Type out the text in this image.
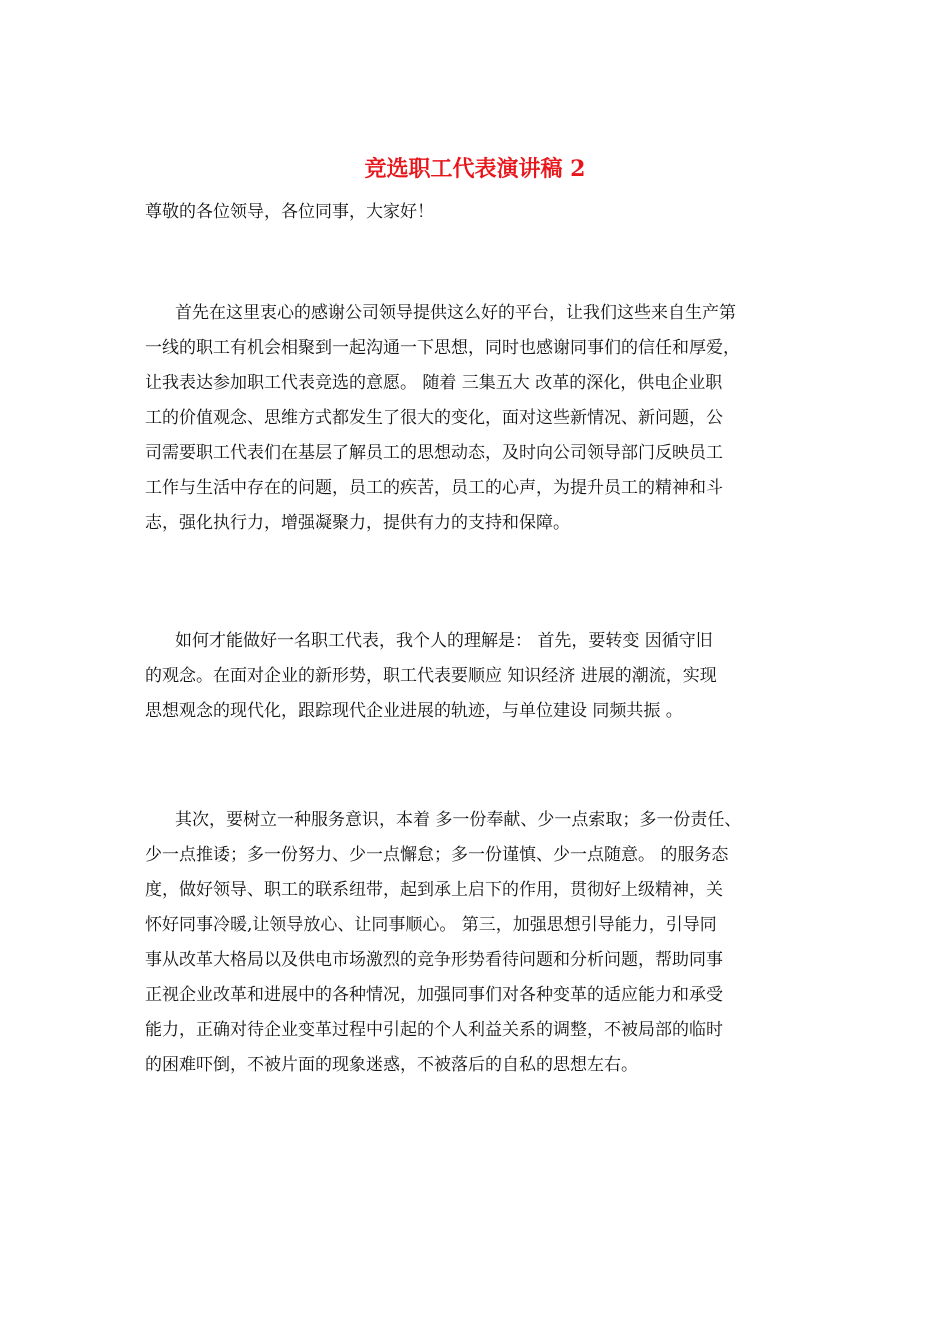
竞选职工代表演讲稿 2

尊敬的各位领导，各位同事，大家好！

首先在这里衷心的感谢公司领导提供这么好的平台，让我们这些来自生产第
一线的职工有机会相聚到一起沟通一下思想，同时也感谢同事们的信任和厚爱，
让我表达参加职工代表竞选的意愿。 随着 三集五大 改革的深化，供电企业职
工的价值观念、思维方式都发生了很大的变化，面对这些新情况、新问题，公
司需要职工代表们在基层了解员工的思想动态，及时向公司领导部门反映员工
工作与生活中存在的问题，员工的疾苦，员工的心声，为提升员工的精神和斗
志，强化执行力，增强凝聚力，提供有力的支持和保障。
如何才能做好一名职工代表，我个人的理解是： 首先，要转变 因循守旧
的观念。在面对企业的新形势，职工代表要顺应 知识经济 进展的潮流，实现
思想观念的现代化，跟踪现代企业进展的轨迹，与单位建设 同频共振 。
其次，要树立一种服务意识，本着 多一份奉献、少一点索取；多一份责任、
少一点推诿；多一份努力、少一点懈怠；多一份谨慎、少一点随意。 的服务态
度，做好领导、职工的联系纽带，起到承上启下的作用，贯彻好上级精神，关
怀好同事冷暖,让领导放心、让同事顺心。 第三，加强思想引导能力，引导同
事从改革大格局以及供电市场激烈的竞争形势看待问题和分析问题，帮助同事
正视企业改革和进展中的各种情况，加强同事们对各种变革的适应能力和承受
能力，正确对待企业变革过程中引起的个人利益关系的调整，不被局部的临时
的困难吓倒，不被片面的现象迷惑，不被落后的自私的思想左右。
